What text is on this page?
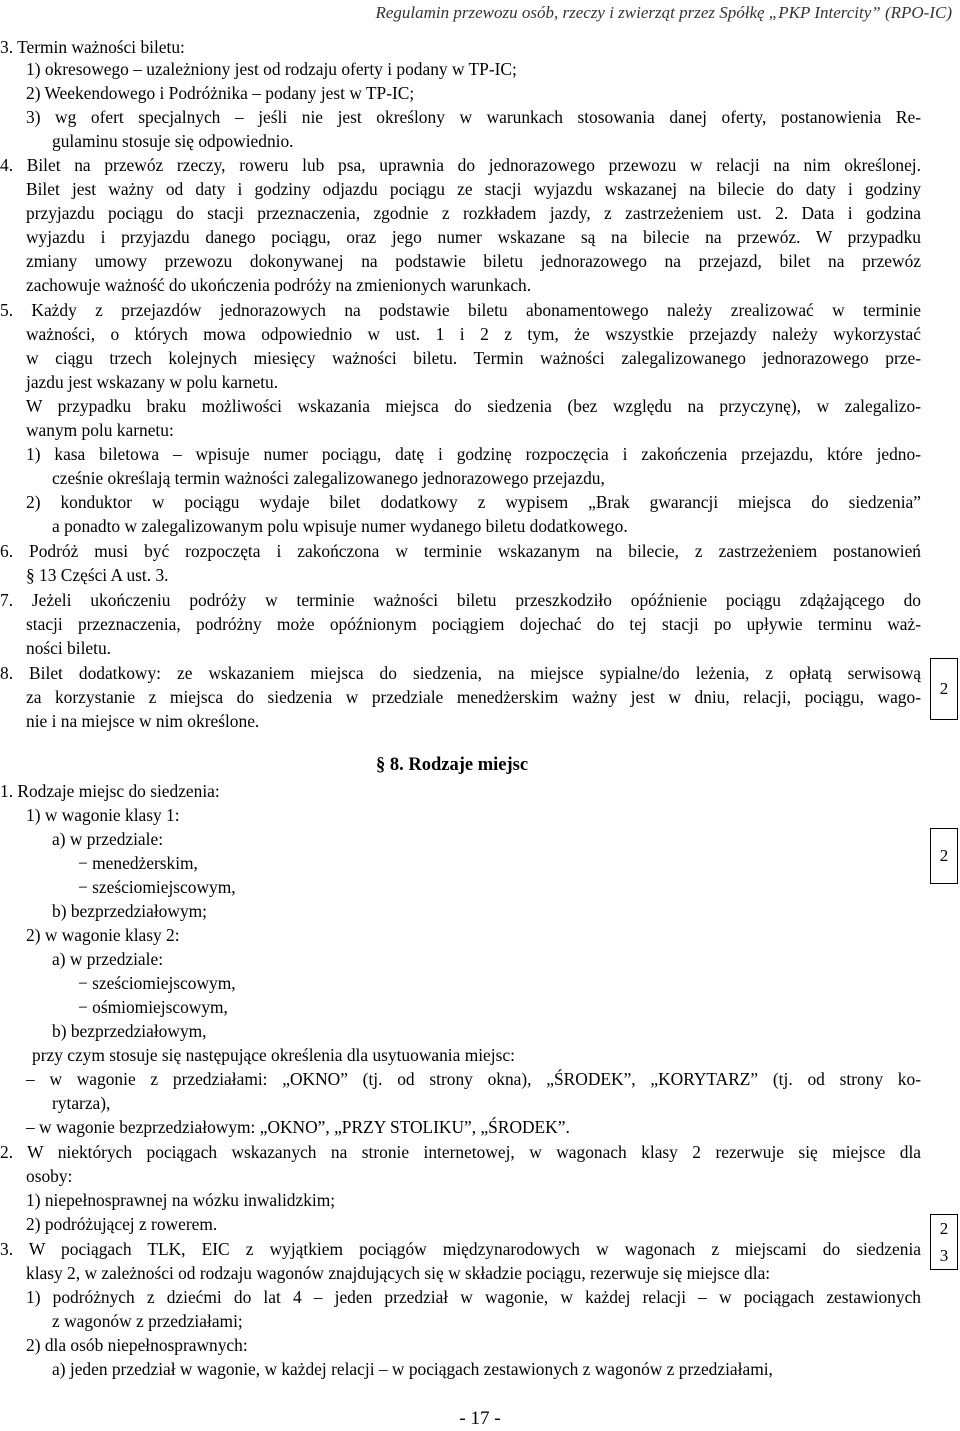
Regulamin przewozu osób, rzeczy i zwierząt przez Spółkę „PKP Intercity” (RPO-IC)
3. Termin ważności biletu:
1) okresowego – uzależniony jest od rodzaju oferty i podany w TP-IC;
2) Weekendowego i Podróżnika – podany jest w TP-IC;
3) wg ofert specjalnych – jeśli nie jest określony w warunkach stosowania danej oferty, postanowienia Re-
gulaminu stosuje się odpowiednio.
4. Bilet na przewóz rzeczy, roweru lub psa, uprawnia do jednorazowego przewozu w relacji na nim określonej.
Bilet jest ważny od daty i godziny odjazdu pociągu ze stacji wyjazdu wskazanej na bilecie do daty i godziny
przyjazdu pociągu do stacji przeznaczenia, zgodnie z rozkładem jazdy, z zastrzeżeniem ust. 2. Data i godzina
wyjazdu i przyjazdu danego pociągu, oraz jego numer wskazane są na bilecie na przewóz. W przypadku
zmiany umowy przewozu dokonywanej na podstawie biletu jednorazowego na przejazd, bilet na przewóz
zachowuje ważność do ukończenia podróży na zmienionych warunkach.
5. Każdy z przejazdów jednorazowych na podstawie biletu abonamentowego należy zrealizować w terminie
ważności, o których mowa odpowiednio w ust. 1 i 2 z tym, że wszystkie przejazdy należy wykorzystać
w ciągu trzech kolejnych miesięcy ważności biletu. Termin ważności zalegalizowanego jednorazowego prze-
jazdu jest wskazany w polu karnetu.
W przypadku braku możliwości wskazania miejsca do siedzenia (bez względu na przyczynę), w zalegalizo-
wanym polu karnetu:
1) kasa biletowa – wpisuje numer pociągu, datę i godzinę rozpoczęcia i zakończenia przejazdu, które jedno-
cześnie określają termin ważności zalegalizowanego jednorazowego przejazdu,
2) konduktor w pociągu wydaje bilet dodatkowy z wypisem „Brak gwarancji miejsca do siedzenia”
a ponadto w zalegalizowanym polu wpisuje numer wydanego biletu dodatkowego.
6. Podróż musi być rozpoczęta i zakończona w terminie wskazanym na bilecie, z zastrzeżeniem postanowień
§ 13 Części A ust. 3.
7. Jeżeli ukończeniu podróży w terminie ważności biletu przeszkodziło opóźnienie pociągu zdążającego do
stacji przeznaczenia, podróżny może opóźnionym pociągiem dojechać do tej stacji po upływie terminu waż-
ności biletu.
8. Bilet dodatkowy: ze wskazaniem miejsca do siedzenia, na miejsce sypialne/do leżenia, z opłatą serwisową
za korzystanie z miejsca do siedzenia w przedziale menedżerskim ważny jest w dniu, relacji, pociągu, wago-
nie i na miejsce w nim określone.
§ 8. Rodzaje miejsc
1. Rodzaje miejsc do siedzenia:
1) w wagonie klasy 1:
a) w przedziale:
− menedżerskim,
− sześciomiejscowym,
b) bezprzedziałowym;
2) w wagonie klasy 2:
a) w przedziale:
− sześciomiejscowym,
− ośmiomiejscowym,
b) bezprzedziałowym,
przy czym stosuje się następujące określenia dla usytuowania miejsc:
– w wagonie z przedziałami: „OKNO” (tj. od strony okna), „ŚRODEK”, „KORYTARZ” (tj. od strony ko-
rytarza),
– w wagonie bezprzedziałowym: „OKNO”, „PRZY STOLIKU”, „ŚRODEK”.
2. W niektórych pociągach wskazanych na stronie internetowej, w wagonach klasy 2 rezerwuje się miejsce dla
osoby:
1) niepełnosprawnej na wózku inwalidzkim;
2) podróżującej z rowerem.
3. W pociągach TLK, EIC z wyjątkiem pociągów międzynarodowych w wagonach z miejscami do siedzenia
klasy 2, w zależności od rodzaju wagonów znajdujących się w składzie pociągu, rezerwuje się miejsce dla:
1) podróżnych z dziećmi do lat 4 – jeden przedział w wagonie, w każdej relacji – w pociągach zestawionych
z wagonów z przedziałami;
2) dla osób niepełnosprawnych:
a) jeden przedział w wagonie, w każdej relacji – w pociągach zestawionych z wagonów z przedziałami,
2
2
2
3
- 17 -
